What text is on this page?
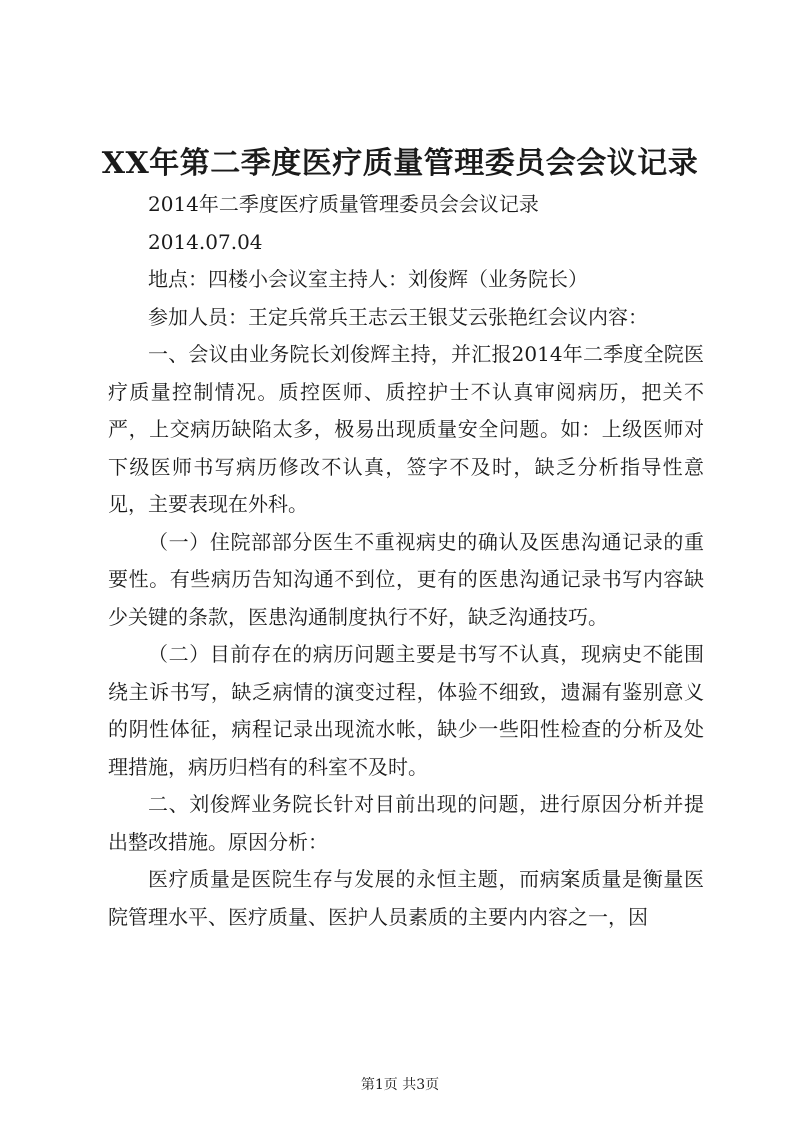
XX年第二季度医疗质量管理委员会会议记录

2014年二季度医疗质量管理委员会会议记录

2014.07.04

地点：四楼小会议室主持人：刘俊辉（业务院长）

参加人员：王定兵常兵王志云王银艾云张艳红会议内容：

一、会议由业务院长刘俊辉主持，并汇报2014年二季度全院医疗质量控制情况。质控医师、质控护士不认真审阅病历，把关不严，上交病历缺陷太多，极易出现质量安全问题。如：上级医师对下级医师书写病历修改不认真，签字不及时，缺乏分析指导性意见，主要表现在外科。

（一）住院部部分医生不重视病史的确认及医患沟通记录的重要性。有些病历告知沟通不到位，更有的医患沟通记录书写内容缺少关键的条款，医患沟通制度执行不好，缺乏沟通技巧。

（二）目前存在的病历问题主要是书写不认真，现病史不能围绕主诉书写，缺乏病情的演变过程，体验不细致，遗漏有鉴别意义的阴性体征，病程记录出现流水帐，缺少一些阳性检查的分析及处理措施，病历归档有的科室不及时。

二、刘俊辉业务院长针对目前出现的问题，进行原因分析并提出整改措施。原因分析：

医疗质量是医院生存与发展的永恒主题，而病案质量是衡量医院管理水平、医疗质量、医护人员素质的主要内内容之一，因

第1页 共3页
